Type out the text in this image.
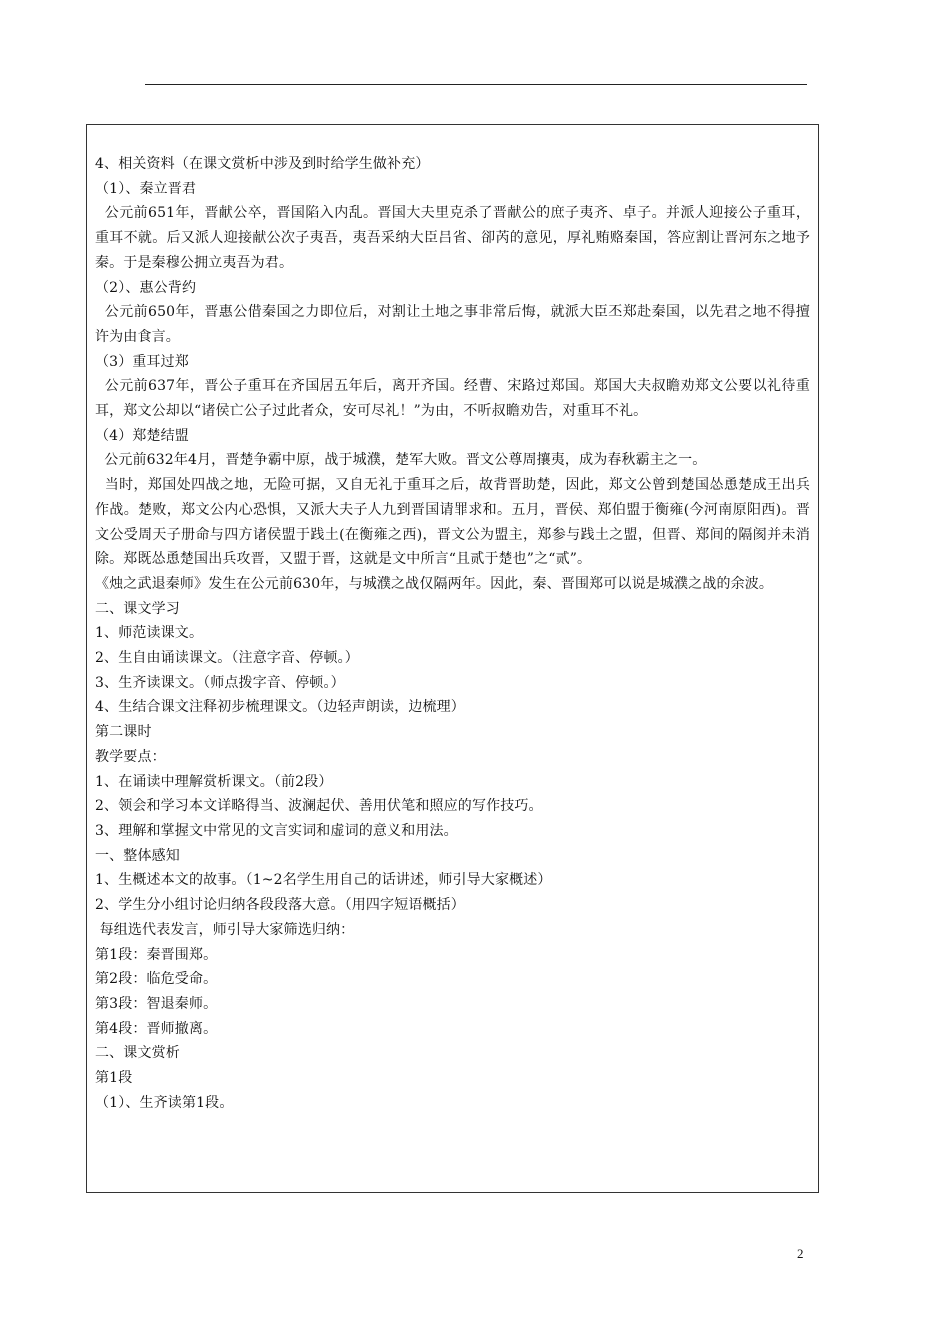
4、相关资料（在课文赏析中涉及到时给学生做补充）
（1）、秦立晋君
公元前651年，晋献公卒，晋国陷入内乱。晋国大夫里克杀了晋献公的庶子夷齐、卓子。并派人迎接公子重耳，重耳不就。后又派人迎接献公次子夷吾，夷吾采纳大臣吕省、卻芮的意见，厚礼贿赂秦国，答应割让晋河东之地予秦。于是秦穆公拥立夷吾为君。
（2）、惠公背约
公元前650年，晋惠公借秦国之力即位后，对割让土地之事非常后悔，就派大臣丕郑赴秦国，以先君之地不得擅许为由食言。
（3）重耳过郑
公元前637年，晋公子重耳在齐国居五年后，离开齐国。经曹、宋路过郑国。郑国大夫叔瞻劝郑文公要以礼待重耳，郑文公却以“诸侯亡公子过此者众，安可尽礼！”为由，不听叔瞻劝告，对重耳不礼。
（4）郑楚结盟
公元前632年4月，晋楚争霸中原，战于城濮，楚军大败。晋文公尊周攘夷，成为春秋霸主之一。
当时，郑国处四战之地，无险可据，又自无礼于重耳之后，故背晋助楚，因此，郑文公曾到楚国怂恿楚成王出兵作战。楚败，郑文公内心恐惧，又派大夫子人九到晋国请罪求和。五月，晋侯、郑伯盟于衡雍(今河南原阳西)。晋文公受周天子册命与四方诸侯盟于践土(在衡雍之西)，晋文公为盟主，郑参与践土之盟，但晋、郑间的隔阂并未消除。郑既怂恿楚国出兵攻晋，又盟于晋，这就是文中所言“且贰于楚也”之“贰”。
《烛之武退秦师》发生在公元前630年，与城濮之战仅隔两年。因此，秦、晋围郑可以说是城濮之战的余波。
二、课文学习
1、师范读课文。
2、生自由诵读课文。（注意字音、停顿。）
3、生齐读课文。（师点拨字音、停顿。）
4、生结合课文注释初步梳理课文。（边轻声朗读，边梳理）
第二课时
教学要点：
1、在诵读中理解赏析课文。（前2段）
2、领会和学习本文详略得当、波澜起伏、善用伏笔和照应的写作技巧。
3、理解和掌握文中常见的文言实词和虚词的意义和用法。
一、整体感知
1、生概述本文的故事。（1~2名学生用自己的话讲述，师引导大家概述）
2、学生分小组讨论归纳各段段落大意。（用四字短语概括）
每组选代表发言，师引导大家筛选归纳：
第1段：秦晋围郑。
第2段：临危受命。
第3段：智退秦师。
第4段：晋师撤离。
二、课文赏析
第1段
（1）、生齐读第1段。
2
